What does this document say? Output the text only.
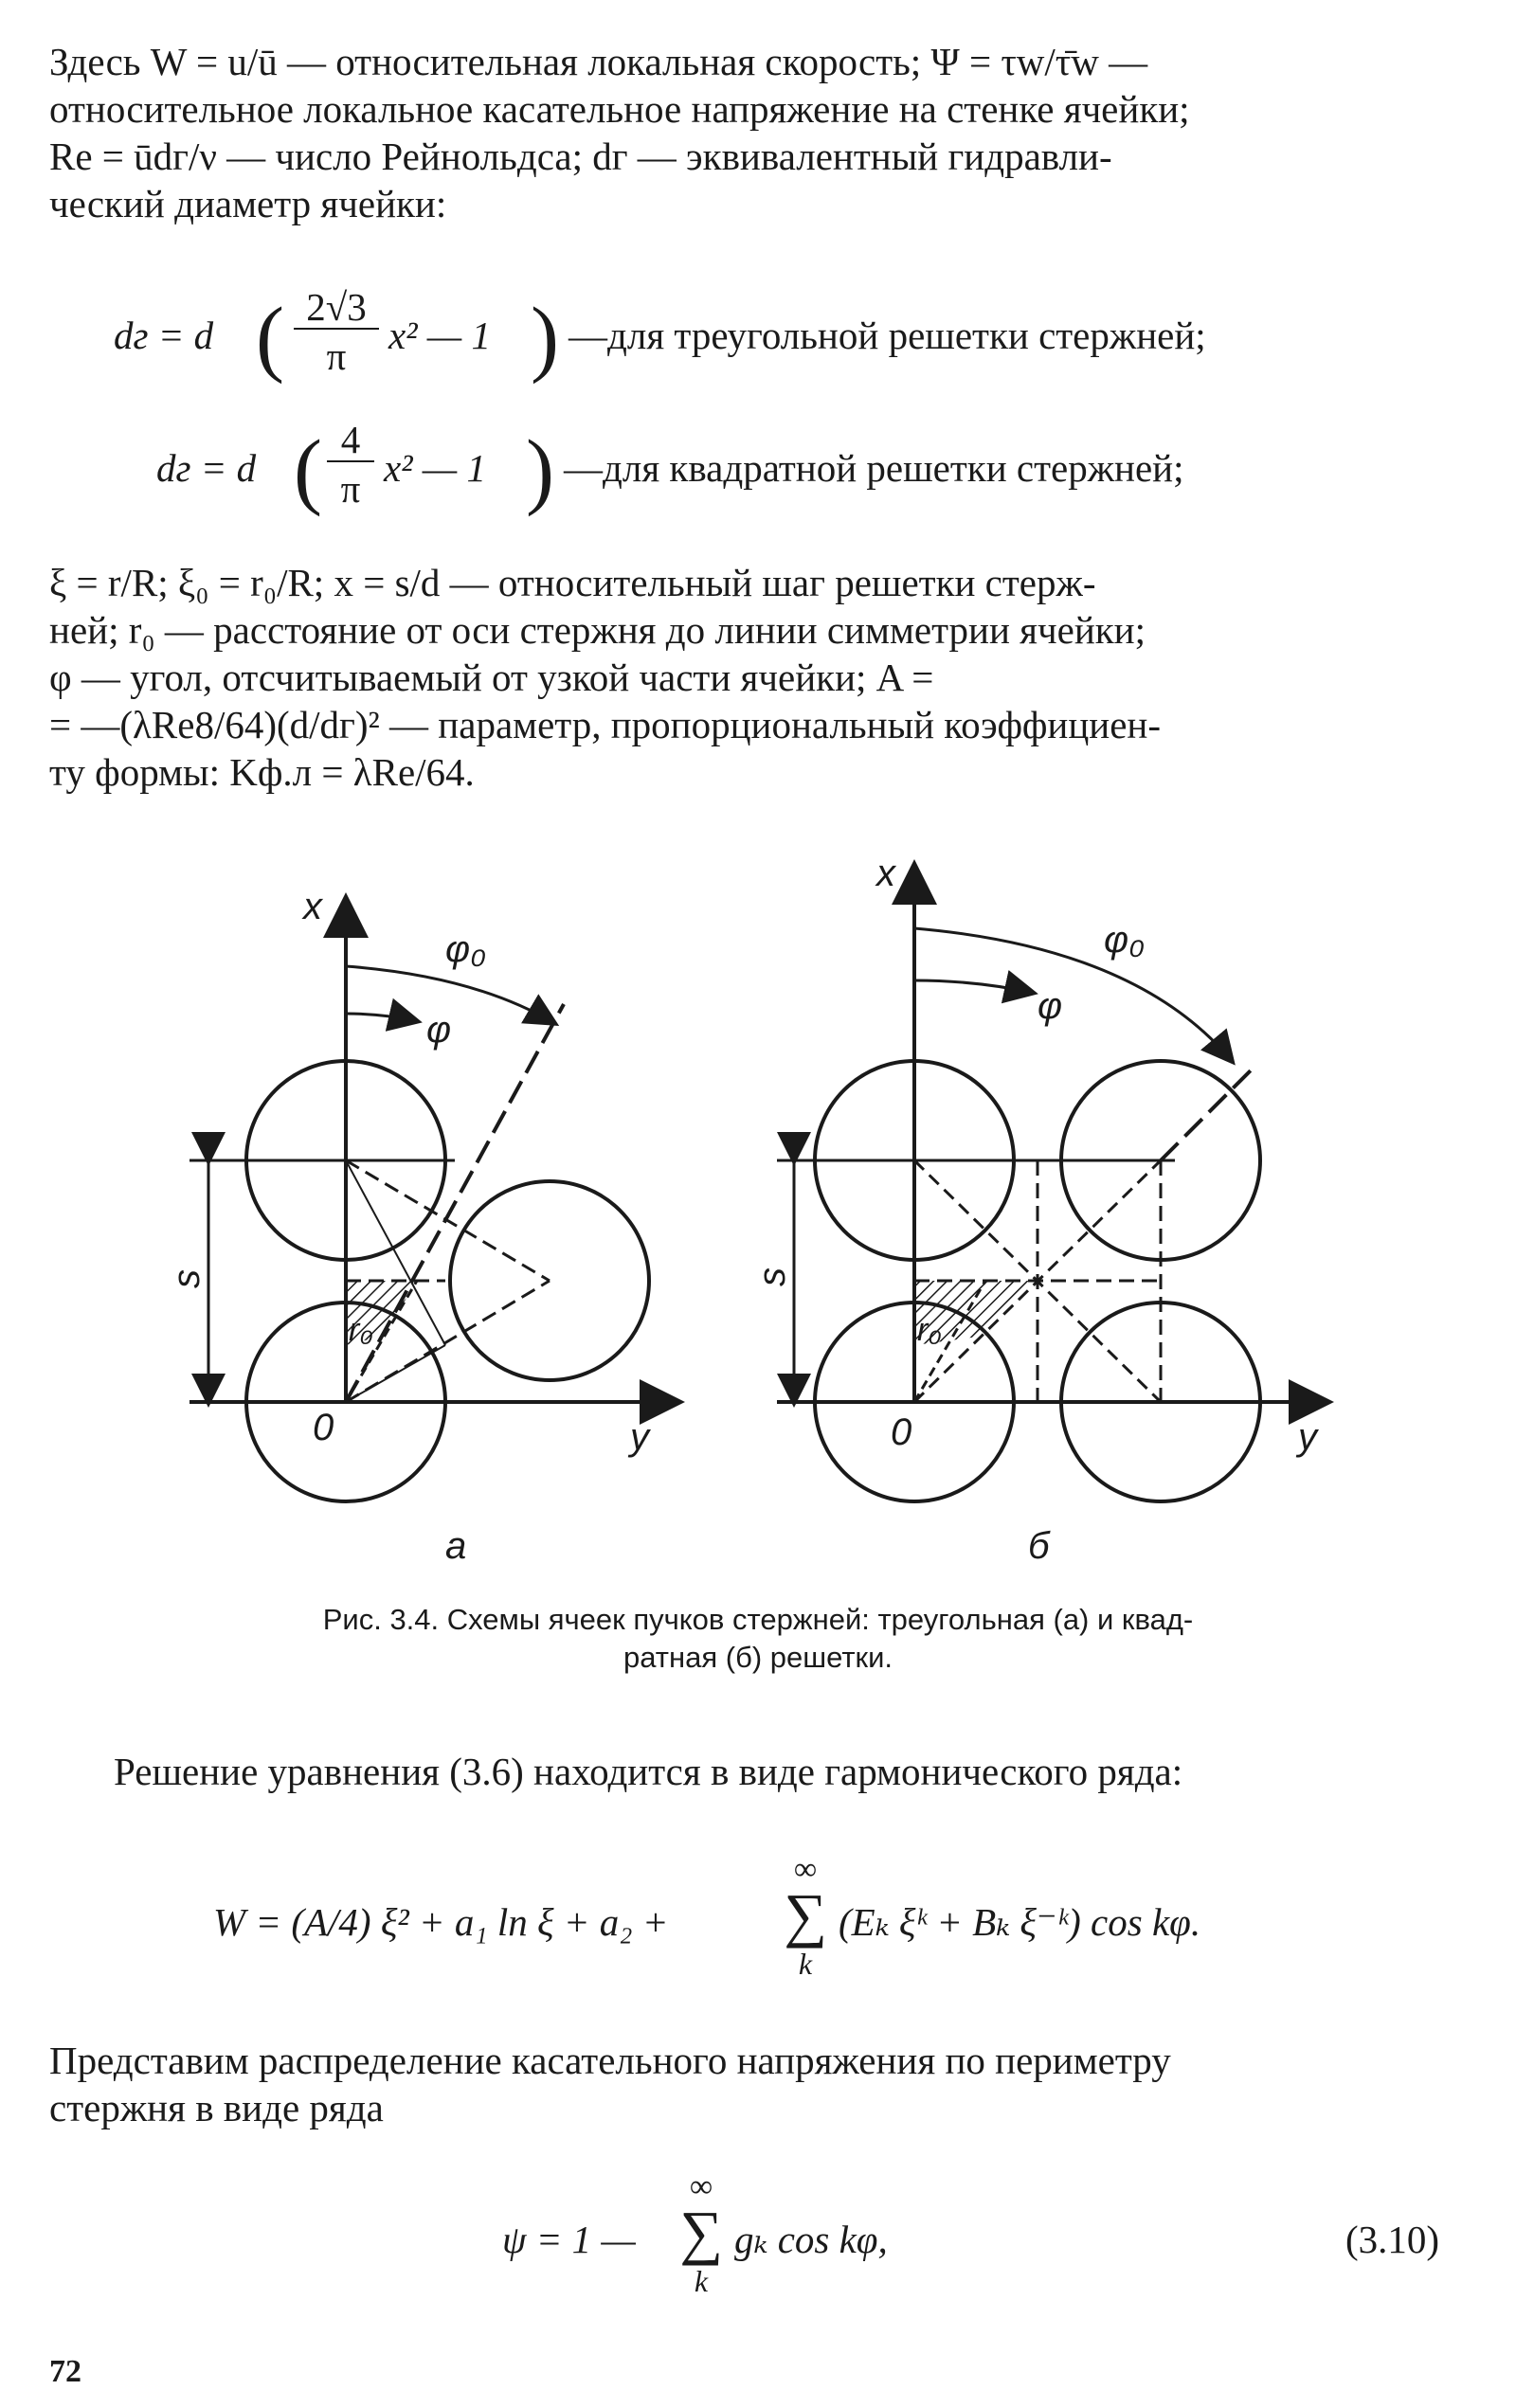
Здесь W = u/ū — относительная локальная скорость; Ψ = τw/τ̄w —
относительное локальное касательное напряжение на стенке ячейки;
Re = ūdг/ν — число Рейнольдса; dг — эквивалентный гидравли-
ческий диаметр ячейки:
dг = d ( 2√3
π	x² — 1 ) —для треугольной решетки стержней;
dг = d ( 4
π x² — 1 ) —для квадратной решетки стержней;
ξ = r/R; ξ₀ = r₀/R; x = s/d — относительный шаг решетки стерж-
ней; r₀ — расстояние от оси стержня до линии симметрии ячейки;
φ — угол, отсчитываемый от узкой части ячейки; A =
= —(λRe8/64)(d/dг)² — параметр, пропорциональный коэффициен-
ту формы: Kф.л = λRe/64.
x
y
0
s
r₀
φ₀
φ
a
x
y
0
s
r₀
φ₀
φ
б
Рис. 3.4. Схемы ячеек пучков стержней: треугольная (а) и квад-
ратная (б) решетки.
Решение уравнения (3.6) находится в виде гармонического ряда:
W = (A/4) ξ² + a₁ ln ξ + a₂ +
∞
∑
k
(Eₖ ξᵏ + Bₖ ξ⁻ᵏ) cos kφ.
Представим распределение касательного напряжения по периметру
стержня в виде ряда
ψ = 1 —
∞
∑
k
gₖ cos kφ,	(3.10)
72
